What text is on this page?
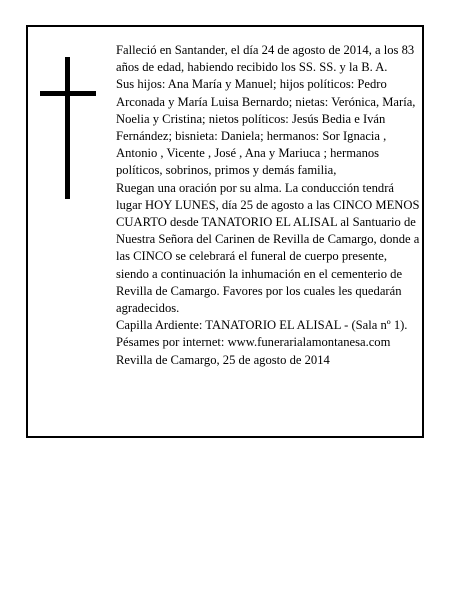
Falleció en Santander, el día 24 de agosto de 2014, a los 83 años de edad, habiendo recibido los SS. SS. y la B. A.

Sus hijos: Ana María y Manuel; hijos políticos: Pedro Arconada y María Luisa Bernardo; nietas: Verónica, María, Noelia y Cristina; nietos políticos: Jesús Bedia e Iván Fernández; bisnieta: Daniela; hermanos: Sor Ignacia , Antonio , Vicente , José , Ana y Mariuca ; hermanos políticos, sobrinos, primos y demás familia,

Ruegan una oración por su alma. La conducción tendrá lugar HOY LUNES, día 25 de agosto a las CINCO MENOS CUARTO desde TANATORIO EL ALISAL al Santuario de Nuestra Señora del Carinen de Revilla de Camargo, donde a las CINCO se celebrará el funeral de cuerpo presente, siendo a continuación la inhumación en el cementerio de Revilla de Camargo. Favores por los cuales les quedarán agradecidos.

Capilla Ardiente: TANATORIO EL ALISAL - (Sala nº 1).

Pésames por internet: www.funerarialamontanesa.com

Revilla de Camargo, 25 de agosto de 2014
